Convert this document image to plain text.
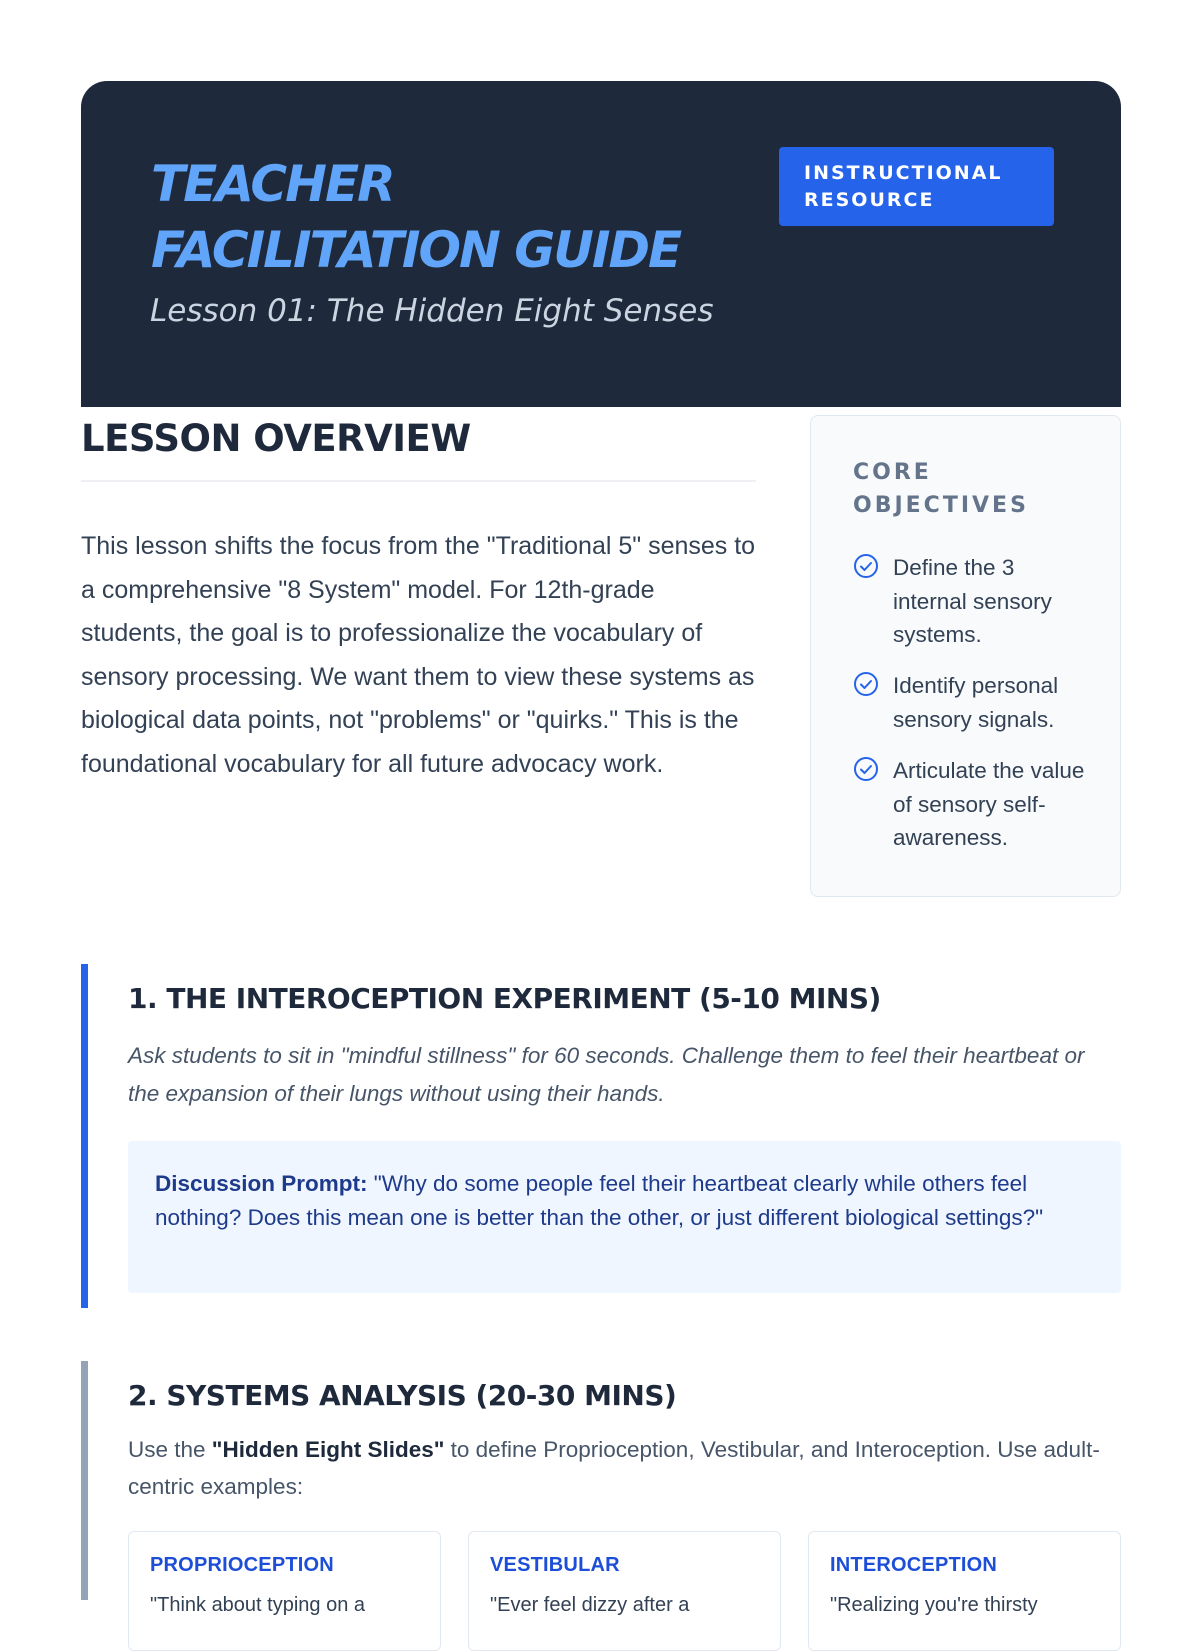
TEACHER
FACILITATION GUIDE
Lesson 01: The Hidden Eight Senses
INSTRUCTIONAL
RESOURCE
LESSON OVERVIEW
This lesson shifts the focus from the "Traditional 5" senses to a comprehensive "8 System" model. For 12th-grade students, the goal is to professionalize the vocabulary of sensory processing. We want them to view these systems as biological data points, not "problems" or "quirks." This is the foundational vocabulary for all future advocacy work.
CORE
OBJECTIVES
Define the 3 internal sensory systems.
Identify personal sensory signals.
Articulate the value of sensory self-awareness.
1. THE INTEROCEPTION EXPERIMENT (5-10 MINS)
Ask students to sit in "mindful stillness" for 60 seconds. Challenge them to feel their heartbeat or the expansion of their lungs without using their hands.
Discussion Prompt: "Why do some people feel their heartbeat clearly while others feel nothing? Does this mean one is better than the other, or just different biological settings?"
2. SYSTEMS ANALYSIS (20-30 MINS)
Use the "Hidden Eight Slides" to define Proprioception, Vestibular, and Interoception. Use adult-centric examples:
PROPRIOCEPTION
"Think about typing on a
VESTIBULAR
"Ever feel dizzy after a
INTEROCEPTION
"Realizing you're thirsty
